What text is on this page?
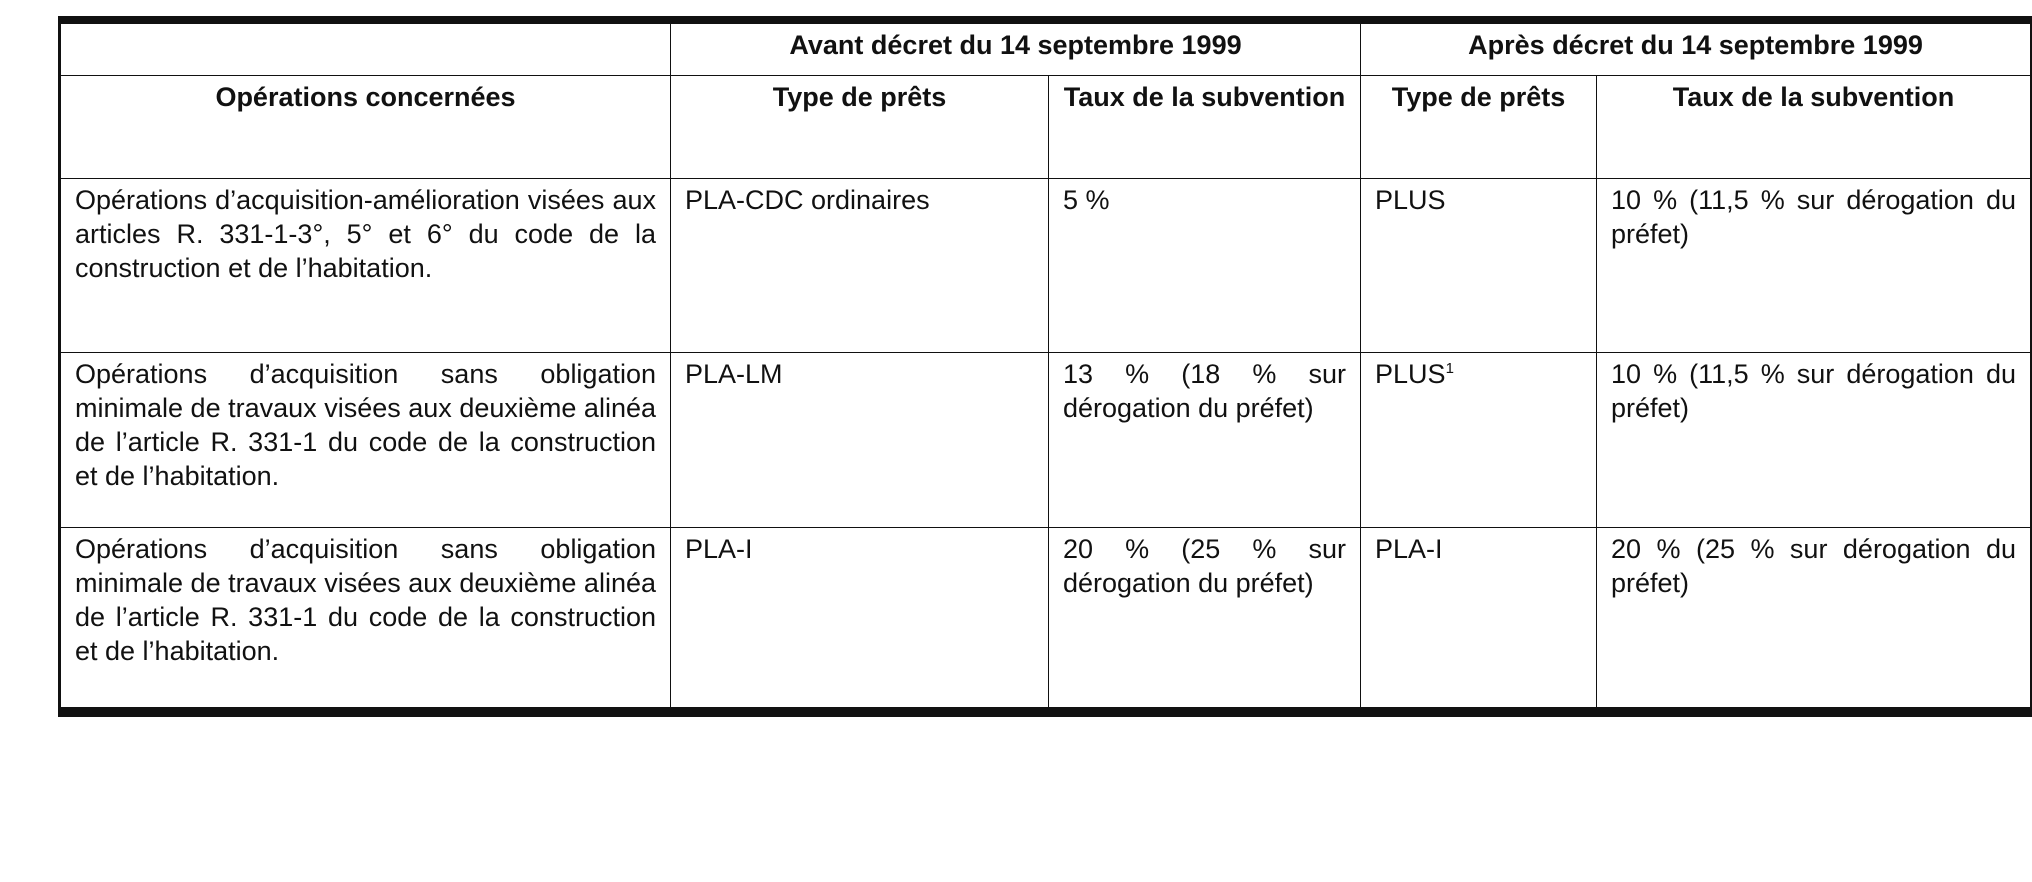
	Avant décret du 14 septembre 1999		Après décret du 14 septembre 1999	
Opérations concernées	Type de prêts	Taux de la subvention	Type de prêts	Taux de la subvention
Opérations d’acquisition-amélioration visées aux articles R. 331-1-3°, 5° et 6° du code de la construction et de l’habitation.	PLA-CDC ordinaires	5 %	PLUS	10 % (11,5 % sur dérogation du préfet)
Opérations d’acquisition sans obligation minimale de travaux visées aux deuxième alinéa de l’article R. 331-1 du code de la construction et de l’habitation.	PLA-LM	13 % (18 % sur dérogation du préfet)	PLUS$^1$	10 % (11,5 % sur dérogation du préfet)
Opérations d’acquisition sans obligation minimale de travaux visées aux deuxième alinéa de l’article R. 331-1 du code de la construction et de l’habitation.	PLA-I	20 % (25 % sur dérogation du préfet)	PLA-I	20 % (25 % sur dérogation du préfet)
